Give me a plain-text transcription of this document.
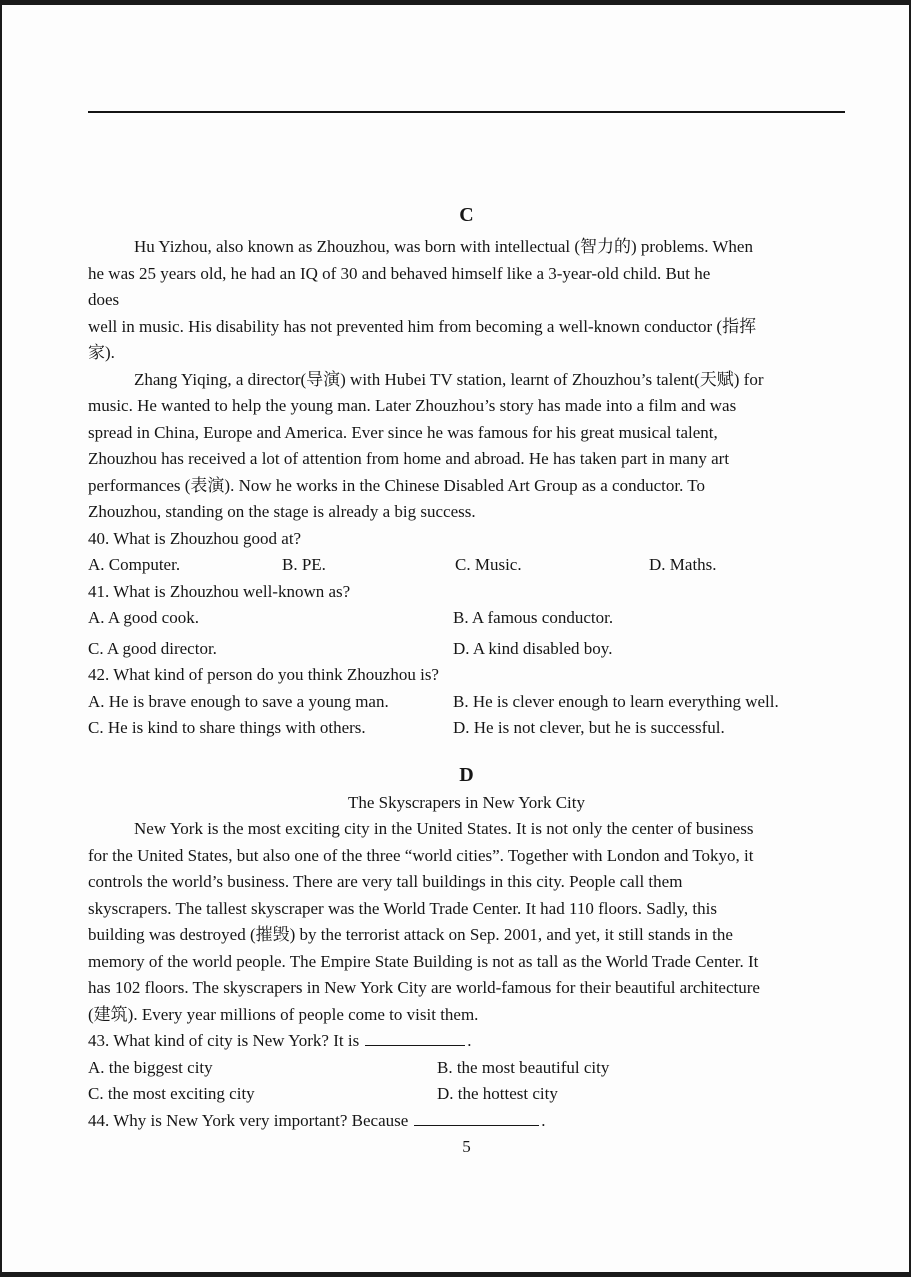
C
Hu Yizhou, also known as Zhouzhou, was born with intellectual (智力的) problems. When
he was 25 years old, he had an IQ of 30 and behaved himself like a 3-year-old child. But he
does
well in music. His disability has not prevented him from becoming a well-known conductor (指挥
家).
Zhang Yiqing, a director(导演) with Hubei TV station, learnt of Zhouzhou’s talent(天赋) for
music. He wanted to help the young man. Later Zhouzhou’s story has made into a film and was
spread in China, Europe and America. Ever since he was famous for his great musical talent,
Zhouzhou has received a lot of attention from home and abroad. He has taken part in many art
performances (表演). Now he works in the Chinese Disabled Art Group as a conductor. To
Zhouzhou, standing on the stage is already a big success.
40. What is Zhouzhou good at?
A. Computer.	B. PE.	C. Music.	D. Maths.
41. What is Zhouzhou well-known as?
A. A good cook.	B. A famous conductor.
C. A good director.	D. A kind disabled boy.
42. What kind of person do you think Zhouzhou is?
A. He is brave enough to save a young man.	B. He is clever enough to learn everything well.
C. He is kind to share things with others.	D. He is not clever, but he is successful.
D
The Skyscrapers in New York City
New York is the most exciting city in the United States. It is not only the center of business
for the United States, but also one of the three “world cities”. Together with London and Tokyo, it
controls the world’s business. There are very tall buildings in this city. People call them
skyscrapers. The tallest skyscraper was the World Trade Center. It had 110 floors. Sadly, this
building was destroyed (摧毁) by the terrorist attack on Sep. 2001, and yet, it still stands in the
memory of the world people. The Empire State Building is not as tall as the World Trade Center. It
has 102 floors. The skyscrapers in New York City are world-famous for their beautiful architecture
(建筑). Every year millions of people come to visit them.
43. What kind of city is New York? It is	.
A. the biggest city	B. the most beautiful city
C. the most exciting city	D. the hottest city
44. Why is New York very important? Because	.
5
